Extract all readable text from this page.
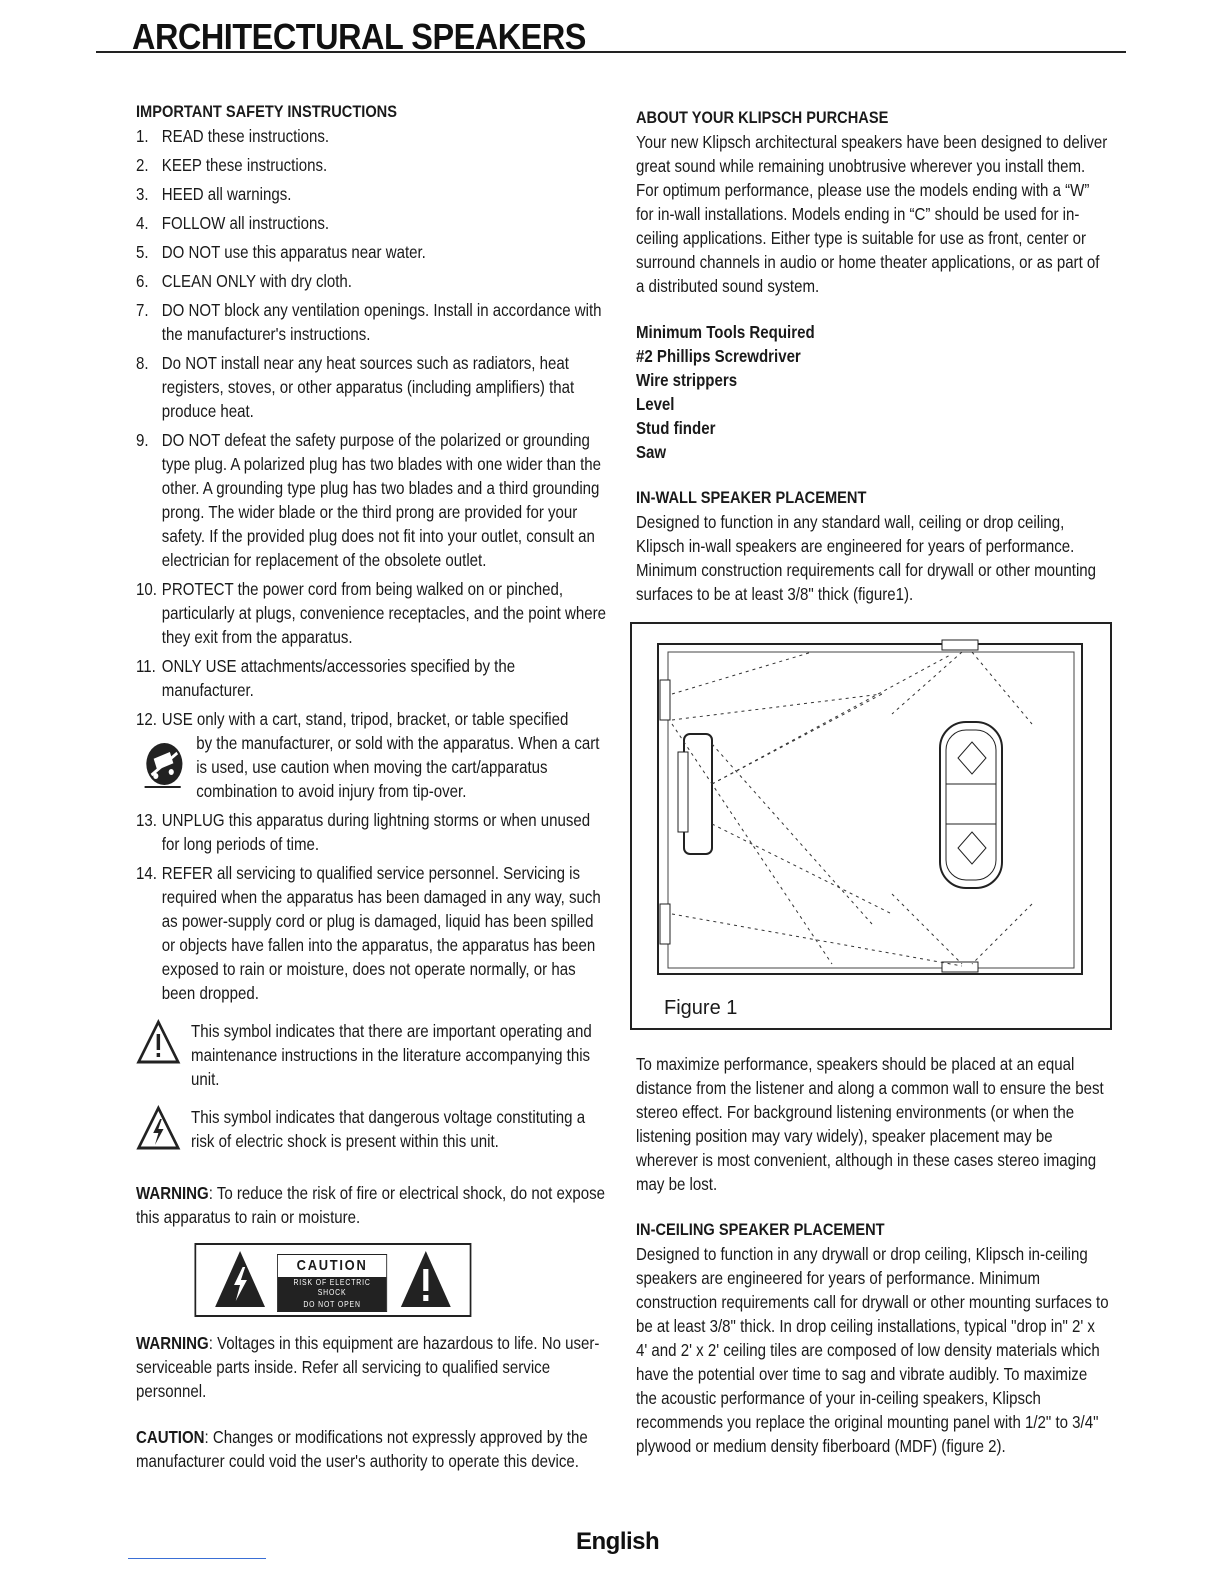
ARCHITECTURAL SPEAKERS
IMPORTANT SAFETY INSTRUCTIONS
1. READ these instructions.
2. KEEP these instructions.
3. HEED all warnings.
4. FOLLOW all instructions.
5. DO NOT use this apparatus near water.
6. CLEAN ONLY with dry cloth.
7. DO NOT block any ventilation openings. Install in accordance with the manufacturer's instructions.
8. Do NOT install near any heat sources such as radiators, heat registers, stoves, or other apparatus (including amplifiers) that produce heat.
9. DO NOT defeat the safety purpose of the polarized or grounding type plug. A polarized plug has two blades with one wider than the other. A grounding type plug has two blades and a third grounding prong. The wider blade or the third prong are provided for your safety. If the provided plug does not fit into your outlet, consult an electrician for replacement of the obsolete outlet.
10. PROTECT the power cord from being walked on or pinched, particularly at plugs, convenience receptacles, and the point where they exit from the apparatus.
11. ONLY USE attachments/accessories specified by the manufacturer.
12. USE only with a cart, stand, tripod, bracket, or table specified
by the manufacturer, or sold with the apparatus. When a cart is used, use caution when moving the cart/apparatus combination to avoid injury from tip-over.
13. UNPLUG this apparatus during lightning storms or when unused for long periods of time.
14. REFER all servicing to qualified service personnel. Servicing is required when the apparatus has been damaged in any way, such as power-supply cord or plug is damaged, liquid has been spilled or objects have fallen into the apparatus, the apparatus has been exposed to rain or moisture, does not operate normally, or has been dropped.

This symbol indicates that there are important operating and maintenance instructions in the literature accompanying this unit.

This symbol indicates that dangerous voltage constituting a risk of electric shock is present within this unit.

WARNING: To reduce the risk of fire or electrical shock, do not expose this apparatus to rain or moisture.

CAUTION
RISK OF ELECTRIC SHOCK
DO NOT OPEN

WARNING: Voltages in this equipment are hazardous to life. No user-serviceable parts inside. Refer all servicing to qualified service personnel.

CAUTION: Changes or modifications not expressly approved by the manufacturer could void the user's authority to operate this device.

ABOUT YOUR KLIPSCH PURCHASE

Your new Klipsch architectural speakers have been designed to deliver great sound while remaining unobtrusive wherever you install them. For optimum performance, please use the models ending with a “W” for in-wall installations. Models ending in “C” should be used for in-ceiling applications. Either type is suitable for use as front, center or surround channels in audio or home theater applications, or as part of a distributed sound system.

Minimum Tools Required
#2 Phillips Screwdriver
Wire strippers
Level
Stud finder
Saw
IN-WALL SPEAKER PLACEMENT

Designed to function in any standard wall, ceiling or drop ceiling, Klipsch in-wall speakers are engineered for years of performance. Minimum construction requirements call for drywall or other mounting surfaces to be at least 3/8" thick (figure1).

Figure 1

To maximize performance, speakers should be placed at an equal distance from the listener and along a common wall to ensure the best stereo effect. For background listening environments (or when the listening position may vary widely), speaker placement may be wherever is most convenient, although in these cases stereo imaging may be lost.

IN-CEILING SPEAKER PLACEMENT

Designed to function in any drywall or drop ceiling, Klipsch in-ceiling speakers are engineered for years of performance. Minimum construction requirements call for drywall or other mounting surfaces to be at least 3/8" thick. In drop ceiling installations, typical "drop in" 2' x 4' and 2' x 2' ceiling tiles are composed of low density materials which have the potential over time to sag and vibrate audibly. To maximize the acoustic performance of your in-ceiling speakers, Klipsch recommends you replace the original mounting panel with 1/2" to 3/4" plywood or medium density fiberboard (MDF) (figure 2).

English
